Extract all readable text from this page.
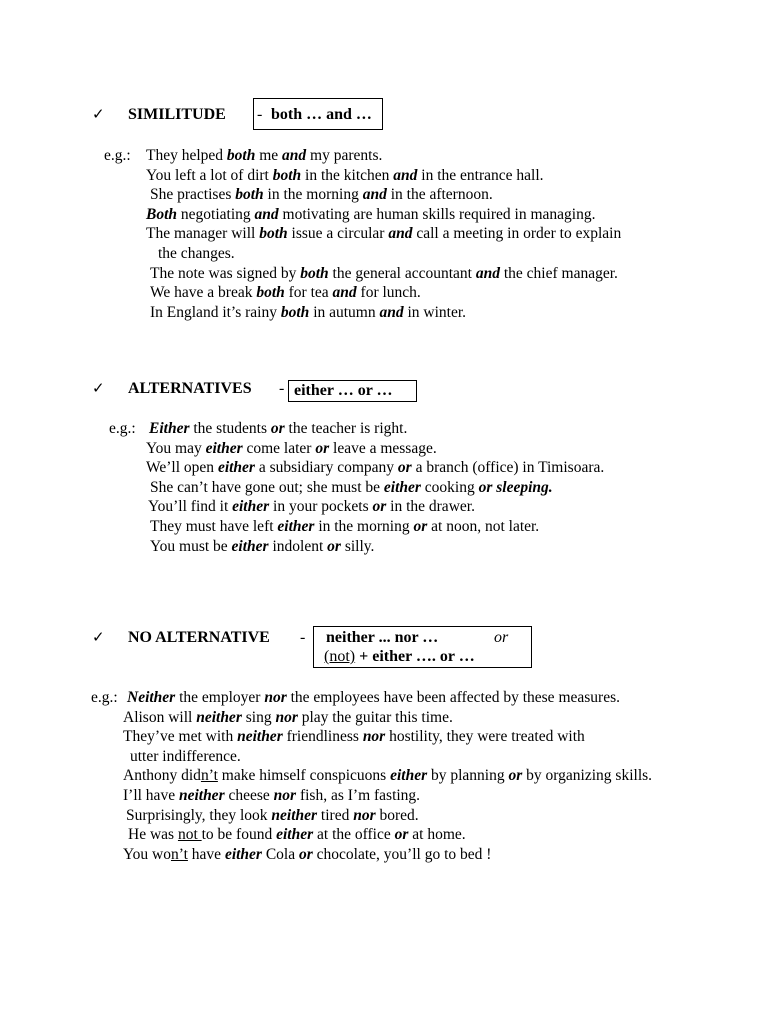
✓ SIMILITUDE - both … and …
e.g.: They helped both me and my parents.
You left a lot of dirt both in the kitchen and in the entrance hall.
She practises both in the morning and in the afternoon.
Both negotiating and motivating are human skills required in managing.
The manager will both issue a circular and call a meeting in order to explain
the changes.
The note was signed by both the general accountant and the chief manager.
We have a break both for tea and for lunch.
In England it’s rainy both in autumn and in winter.
✓ ALTERNATIVES - either … or …
e.g.: Either the students or the teacher is right.
You may either come later or leave a message.
We’ll open either a subsidiary company or a branch (office) in Timisoara.
She can’t have gone out; she must be either cooking or sleeping.
You’ll find it either in your pockets or in the drawer.
They must have left either in the morning or at noon, not later.
You must be either indolent or silly.
✓ NO ALTERNATIVE - neither ... nor …	or
(not) + either …. or …
e.g.: Neither the employer nor the employees have been affected by these measures.
Alison will neither sing nor play the guitar this time.
They’ve met with neither friendliness nor hostility, they were treated with
utter indifference.
Anthony didn’t make himself conspicuons either by planning or by organizing skills.
I’ll have neither cheese nor fish, as I’m fasting.
Surprisingly, they look neither tired nor bored.
He was not to be found either at the office or at home.
You won’t have either Cola or chocolate, you’ll go to bed !
